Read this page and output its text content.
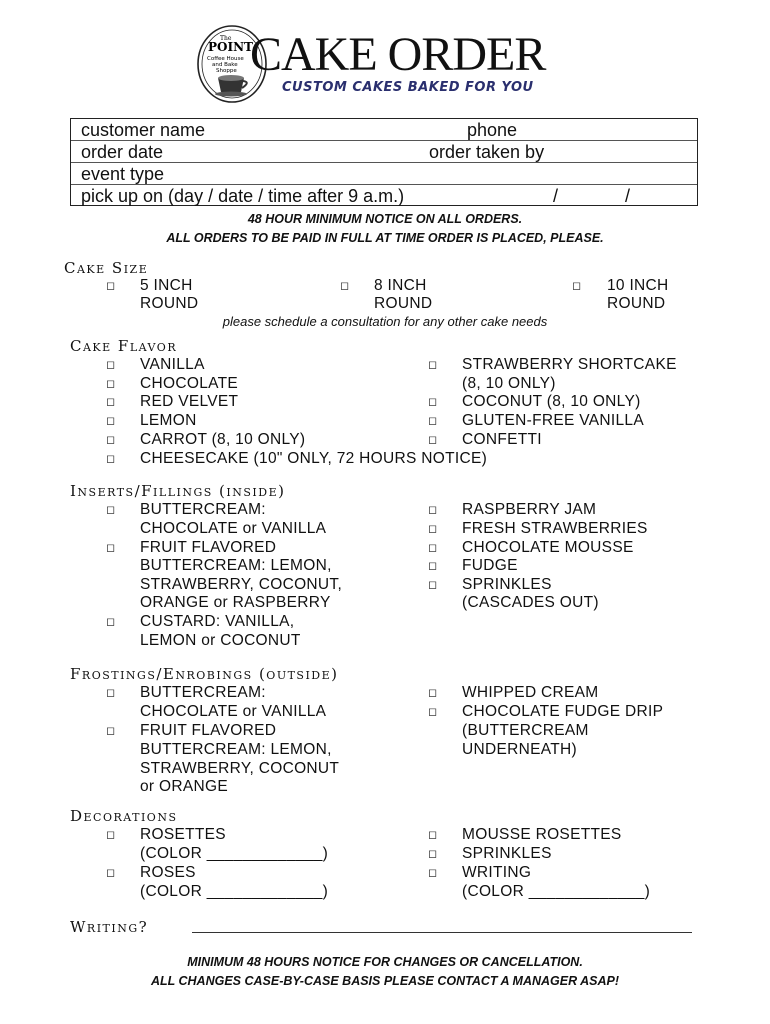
The
POINT
Coffee House
and Bake
Shoppe CAKE ORDER
CUSTOM CAKES BAKED FOR YOU
customer name	phone
order date	order taken by
event type
pick up on (day / date / time after 9 a.m.)	/	/
48 HOUR MINIMUM NOTICE ON ALL ORDERS.
ALL ORDERS TO BE PAID IN FULL AT TIME ORDER IS PLACED, PLEASE.
Cake Size
◻ 5 INCH
ROUND
◻ 8 INCH
ROUND
◻ 10 INCH
ROUND
please schedule a consultation for any other cake needs
Cake Flavor
◻ VANILLA
◻ CHOCOLATE
◻ RED VELVET
◻ LEMON
◻ CARROT (8, 10 ONLY)
◻ CHEESECAKE (10" ONLY, 72 HOURS NOTICE)
◻ STRAWBERRY SHORTCAKE
(8, 10 ONLY)
◻ COCONUT (8, 10 ONLY)
◻ GLUTEN-FREE VANILLA
◻ CONFETTI
Inserts/Fillings (inside)
◻ BUTTERCREAM:
CHOCOLATE or VANILLA
◻ FRUIT FLAVORED
BUTTERCREAM: LEMON,
STRAWBERRY, COCONUT,
ORANGE or RASPBERRY
◻ CUSTARD: VANILLA,
LEMON or COCONUT
◻ RASPBERRY JAM
◻ FRESH STRAWBERRIES
◻ CHOCOLATE MOUSSE
◻ FUDGE
◻ SPRINKLES
(CASCADES OUT)
Frostings/Enrobings (outside)
◻ BUTTERCREAM:
CHOCOLATE or VANILLA
◻ FRUIT FLAVORED
BUTTERCREAM: LEMON,
STRAWBERRY, COCONUT
or ORANGE
◻ WHIPPED CREAM
◻ CHOCOLATE FUDGE DRIP
(BUTTERCREAM
UNDERNEATH)
Decorations
◻ ROSETTES
(COLOR _____________)
◻ ROSES
(COLOR _____________)
◻ MOUSSE ROSETTES
◻ SPRINKLES
◻ WRITING
(COLOR _____________)
Writing?
MINIMUM 48 HOURS NOTICE FOR CHANGES OR CANCELLATION.
ALL CHANGES CASE-BY-CASE BASIS PLEASE CONTACT A MANAGER ASAP!
